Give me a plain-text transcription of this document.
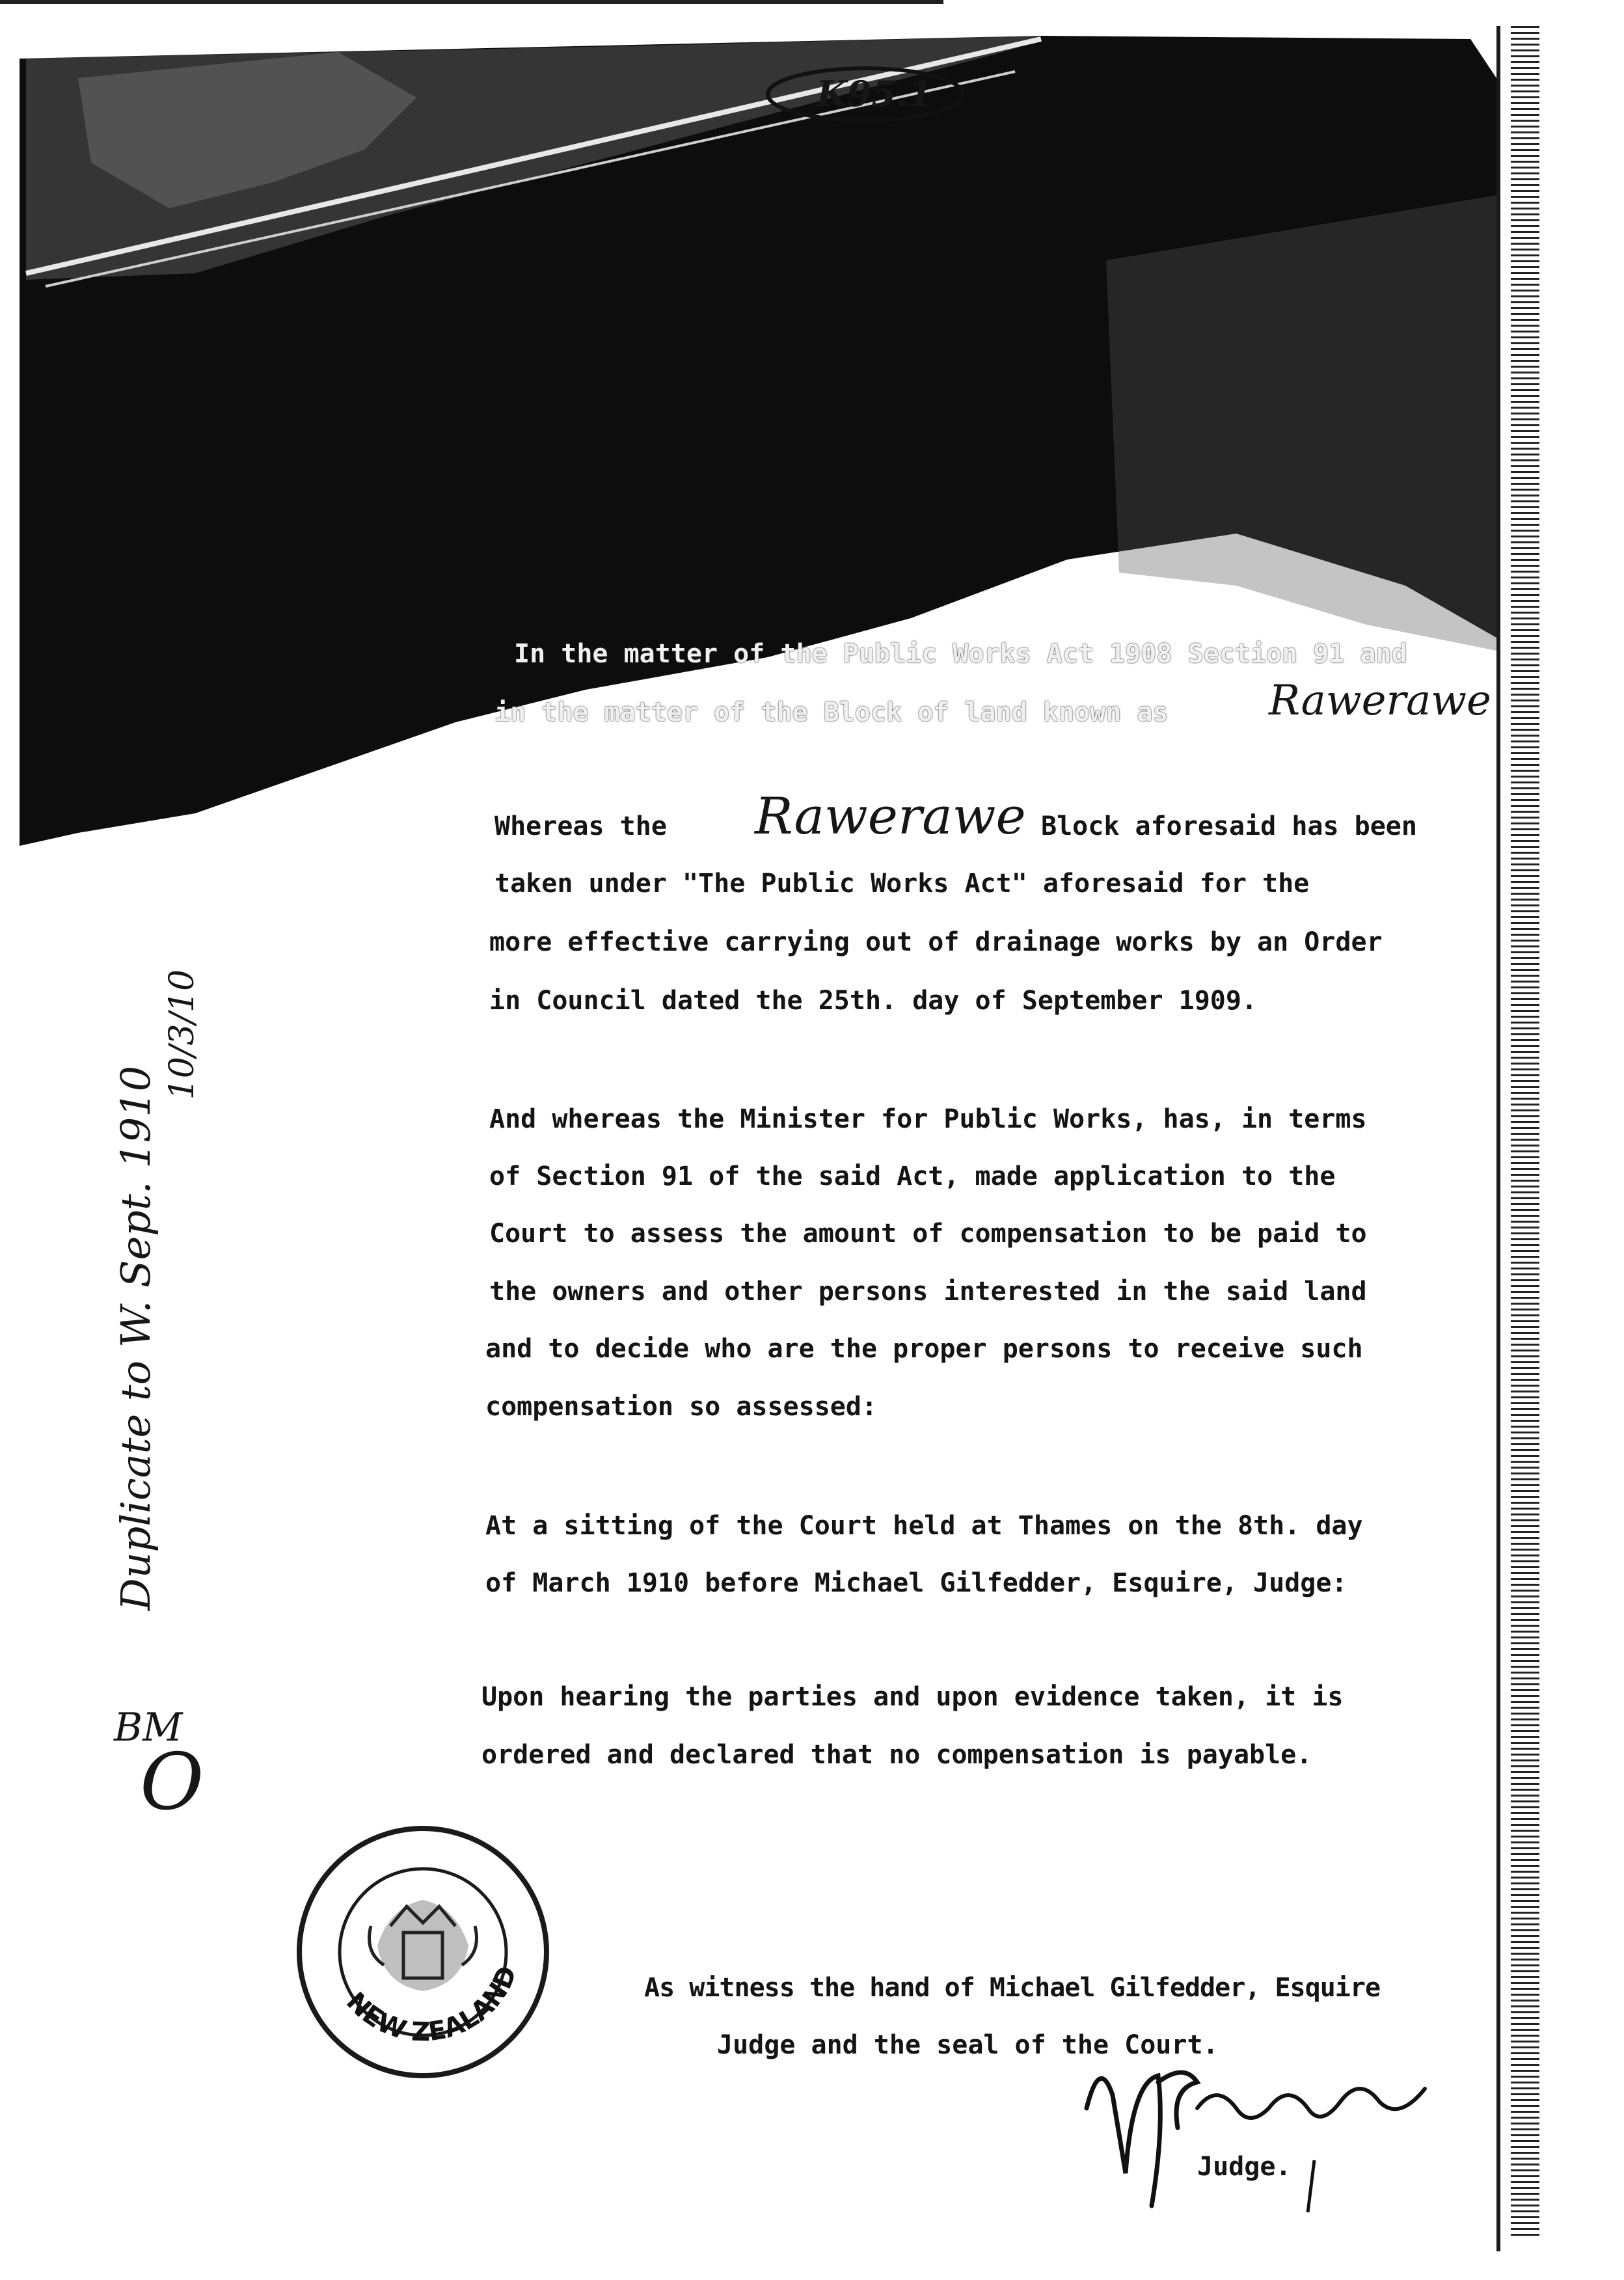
K95.1
In the matter of the Public Works Act 1908 Section 91 and
in the matter of the Block of land known as Rawerawe
Whereas the Rawerawe Block aforesaid has been
taken under "The Public Works Act" aforesaid for the
more effective carrying out of drainage works by an Order
in Council dated the 25th. day of September 1909.
And whereas the Minister for Public Works, has, in terms
of Section 91 of the said Act, made application to the
Court to assess the amount of compensation to be paid to
the owners and other persons interested in the said land
and to decide who are the proper persons to receive such
compensation so assessed:
At a sitting of the Court held at Thames on the 8th. day
of March 1910 before Michael Gilfedder, Esquire, Judge:
Upon hearing the parties and upon evidence taken, it is
ordered and declared that no compensation is payable.
As witness the hand of Michael Gilfedder, Esquire
Judge and the seal of the Court.
NEW ZEALAND
Judge.
Duplicate to W. Sept. 1910
10/3/10
BM
O
